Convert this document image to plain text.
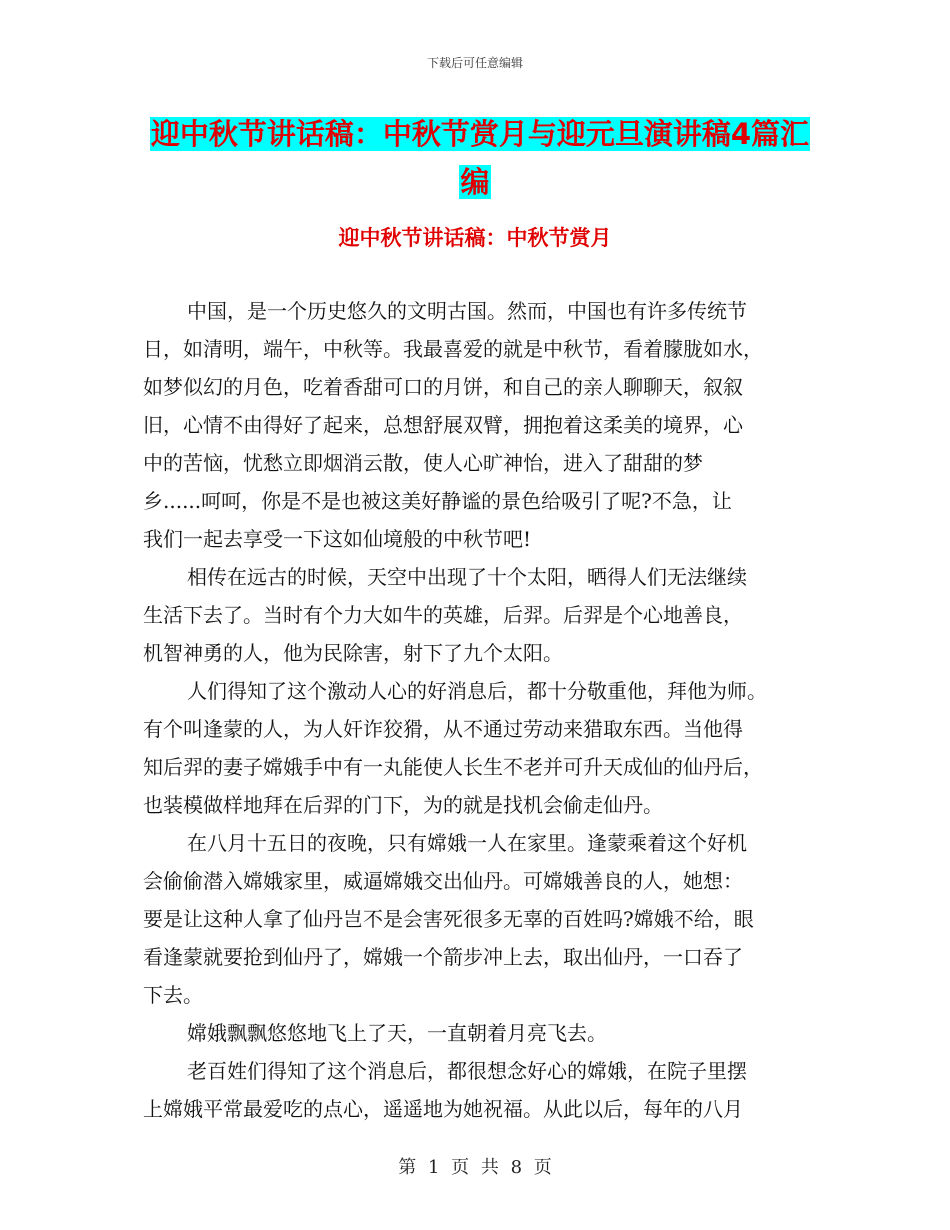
下载后可任意编辑
迎中秋节讲话稿：中秋节赏月与迎元旦演讲稿4篇汇
编
迎中秋节讲话稿：中秋节赏月

中国，是一个历史悠久的文明古国。然而，中国也有许多传统节
日，如清明，端午，中秋等。我最喜爱的就是中秋节，看着朦胧如水，
如梦似幻的月色，吃着香甜可口的月饼，和自己的亲人聊聊天，叙叙
旧，心情不由得好了起来，总想舒展双臂，拥抱着这柔美的境界，心
中的苦恼，忧愁立即烟消云散，使人心旷神怡，进入了甜甜的梦
乡......呵呵，你是不是也被这美好静谧的景色给吸引了呢?不急，让
我们一起去享受一下这如仙境般的中秋节吧!

相传在远古的时候，天空中出现了十个太阳，晒得人们无法继续
生活下去了。当时有个力大如牛的英雄，后羿。后羿是个心地善良，
机智神勇的人，他为民除害，射下了九个太阳。

人们得知了这个激动人心的好消息后，都十分敬重他，拜他为师。
有个叫逢蒙的人，为人奸诈狡猾，从不通过劳动来猎取东西。当他得
知后羿的妻子嫦娥手中有一丸能使人长生不老并可升天成仙的仙丹后，
也装模做样地拜在后羿的门下，为的就是找机会偷走仙丹。

在八月十五日的夜晚，只有嫦娥一人在家里。逢蒙乘着这个好机
会偷偷潜入嫦娥家里，威逼嫦娥交出仙丹。可嫦娥善良的人，她想：
要是让这种人拿了仙丹岂不是会害死很多无辜的百姓吗?嫦娥不给，眼
看逢蒙就要抢到仙丹了，嫦娥一个箭步冲上去，取出仙丹，一口吞了
下去。

嫦娥飘飘悠悠地飞上了天，一直朝着月亮飞去。

老百姓们得知了这个消息后，都很想念好心的嫦娥，在院子里摆
上嫦娥平常最爱吃的点心，遥遥地为她祝福。从此以后，每年的八月

第 1 页 共 8 页
